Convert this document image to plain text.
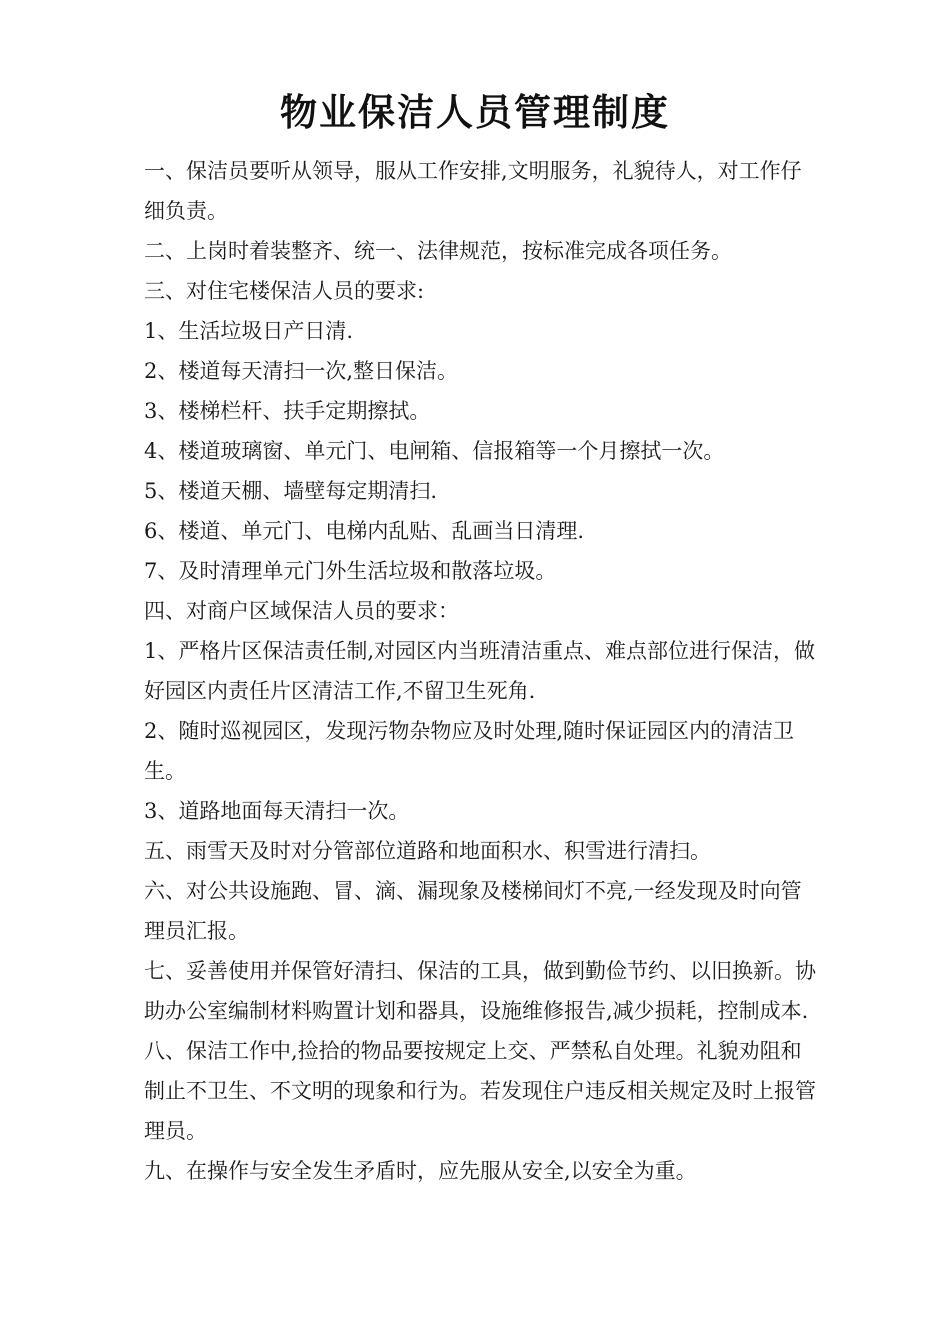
物业保洁人员管理制度

一、保洁员要听从领导，服从工作安排,文明服务，礼貌待人，对工作仔细负责。

二、上岗时着装整齐、统一、法律规范，按标准完成各项任务。

三、对住宅楼保洁人员的要求:

1、生活垃圾日产日清.

2、楼道每天清扫一次,整日保洁。

3、楼梯栏杆、扶手定期擦拭。

4、楼道玻璃窗、单元门、电闸箱、信报箱等一个月擦拭一次。

5、楼道天棚、墙壁每定期清扫.

6、楼道、单元门、电梯内乱贴、乱画当日清理.

7、及时清理单元门外生活垃圾和散落垃圾。

四、对商户区域保洁人员的要求：

1、严格片区保洁责任制,对园区内当班清洁重点、难点部位进行保洁，做好园区内责任片区清洁工作,不留卫生死角.

2、随时巡视园区，发现污物杂物应及时处理,随时保证园区内的清洁卫生。

3、道路地面每天清扫一次。

五、雨雪天及时对分管部位道路和地面积水、积雪进行清扫。

六、对公共设施跑、冒、滴、漏现象及楼梯间灯不亮,一经发现及时向管理员汇报。

七、妥善使用并保管好清扫、保洁的工具，做到勤俭节约、以旧换新。协助办公室编制材料购置计划和器具，设施维修报告,减少损耗，控制成本.

八、保洁工作中,捡拾的物品要按规定上交、严禁私自处理。礼貌劝阻和制止不卫生、不文明的现象和行为。若发现住户违反相关规定及时上报管理员。

九、在操作与安全发生矛盾时，应先服从安全,以安全为重。
